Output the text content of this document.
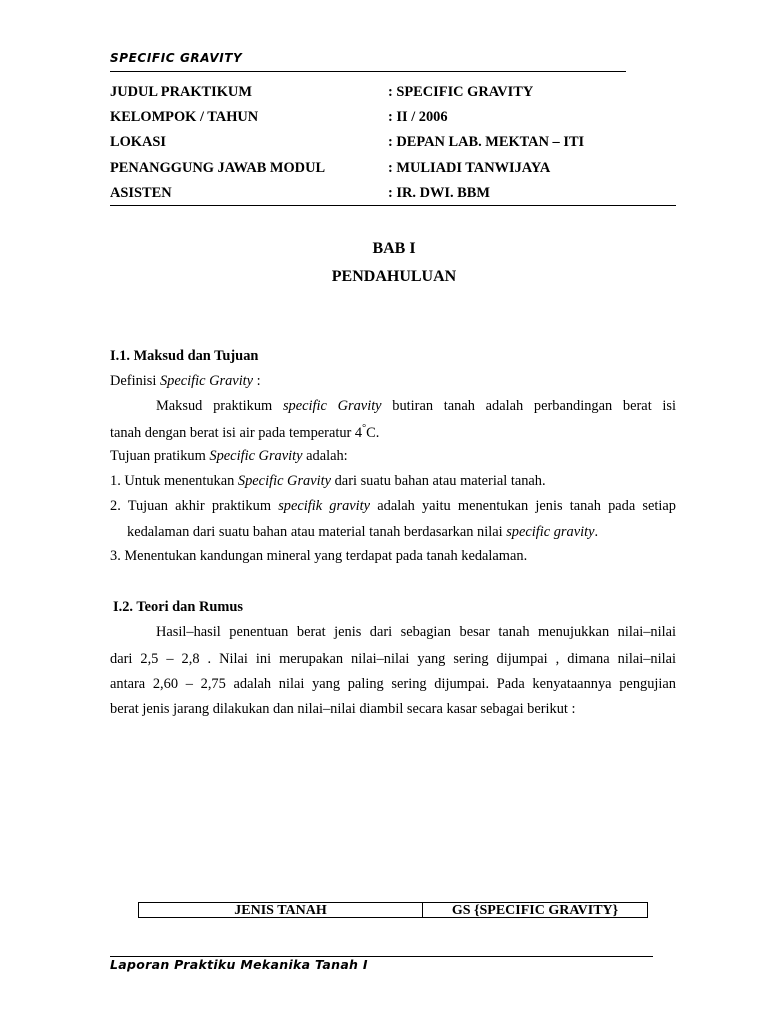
SPECIFIC GRAVITY
JUDUL PRAKTIKUM	: SPECIFIC GRAVITY
KELOMPOK / TAHUN	: II / 2006
LOKASI	: DEPAN LAB. MEKTAN – ITI
PENANGGUNG JAWAB MODUL	: MULIADI TANWIJAYA
ASISTEN	: IR. DWI. BBM
BAB I
PENDAHULUAN
I.1. Maksud dan Tujuan
Definisi Specific Gravity :
Maksud praktikum specific Gravity butiran tanah adalah perbandingan berat isi
tanah dengan berat isi air pada temperatur 4°C.
Tujuan pratikum Specific Gravity adalah:
1. Untuk menentukan Specific Gravity dari suatu bahan atau material tanah.
2. Tujuan akhir praktikum specifik gravity adalah yaitu menentukan jenis tanah pada setiap
kedalaman dari suatu bahan atau material tanah berdasarkan nilai specific gravity.
3. Menentukan kandungan mineral yang terdapat pada tanah kedalaman.
I.2. Teori dan Rumus
Hasil–hasil penentuan berat jenis dari sebagian besar tanah menujukkan nilai–nilai
dari 2,5 – 2,8 . Nilai ini merupakan nilai–nilai yang sering dijumpai , dimana nilai–nilai
antara 2,60 – 2,75 adalah nilai yang paling sering dijumpai. Pada kenyataannya pengujian
berat jenis jarang dilakukan dan nilai–nilai diambil secara kasar sebagai berikut :
JENIS TANAH	GS {SPECIFIC GRAVITY}
Laporan Praktiku Mekanika Tanah I
